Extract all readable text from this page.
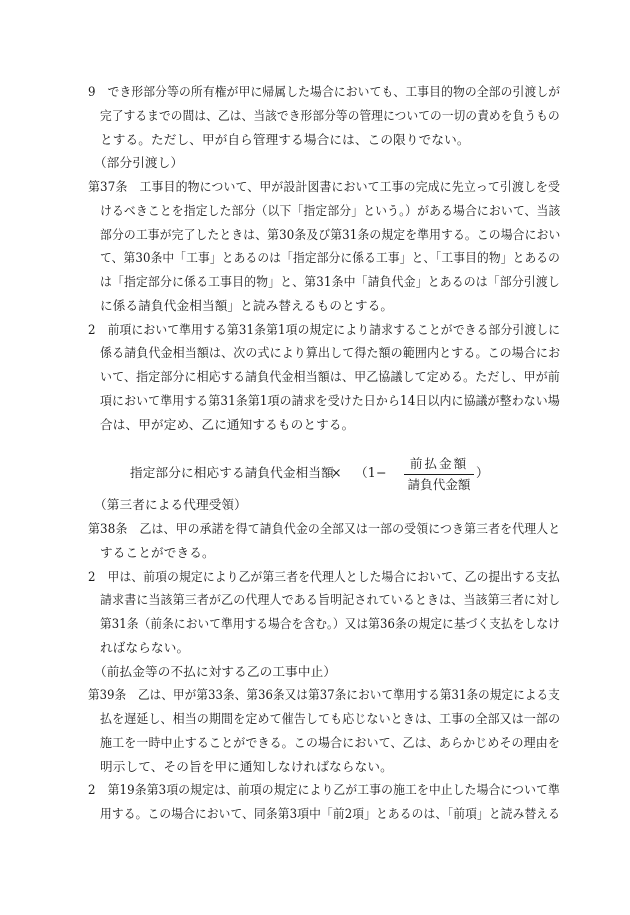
9　でき形部分等の所有権が甲に帰属した場合においても、工事目的物の全部の引渡しが
完了するまでの間は、乙は、当該でき形部分等の管理についての一切の責めを負うもの
とする。ただし、甲が自ら管理する場合には、この限りでない。
（部分引渡し）
第37条　工事目的物について、甲が設計図書において工事の完成に先立って引渡しを受
けるべきことを指定した部分（以下「指定部分」という。）がある場合において、当該
部分の工事が完了したときは、第30条及び第31条の規定を準用する。この場合におい
て、第30条中「工事」とあるのは「指定部分に係る工事」と、「工事目的物」とあるの
は「指定部分に係る工事目的物」と、第31条中「請負代金」とあるのは「部分引渡し
に係る請負代金相当額」と読み替えるものとする。
2　前項において準用する第31条第1項の規定により請求することができる部分引渡しに
係る請負代金相当額は、次の式により算出して得た額の範囲内とする。この場合にお
いて、指定部分に相応する請負代金相当額は、甲乙協議して定める。ただし、甲が前
項において準用する第31条第1項の請求を受けた日から14日以内に協議が整わない場
合は、甲が定め、乙に通知するものとする。
指定部分に相応する請負代金相当額
× （1−
前払金額
請負代金額
）
（第三者による代理受領）
第38条　乙は、甲の承諾を得て請負代金の全部又は一部の受領につき第三者を代理人と
することができる。
2　甲は、前項の規定により乙が第三者を代理人とした場合において、乙の提出する支払
請求書に当該第三者が乙の代理人である旨明記されているときは、当該第三者に対し
第31条（前条において準用する場合を含む。）又は第36条の規定に基づく支払をしなけ
ればならない。
（前払金等の不払に対する乙の工事中止）
第39条　乙は、甲が第33条、第36条又は第37条において準用する第31条の規定による支
払を遅延し、相当の期間を定めて催告しても応じないときは、工事の全部又は一部の
施工を一時中止することができる。この場合において、乙は、あらかじめその理由を
明示して、その旨を甲に通知しなければならない。
2　第19条第3項の規定は、前項の規定により乙が工事の施工を中止した場合について準
用する。この場合において、同条第3項中「前2項」とあるのは、「前項」と読み替える
